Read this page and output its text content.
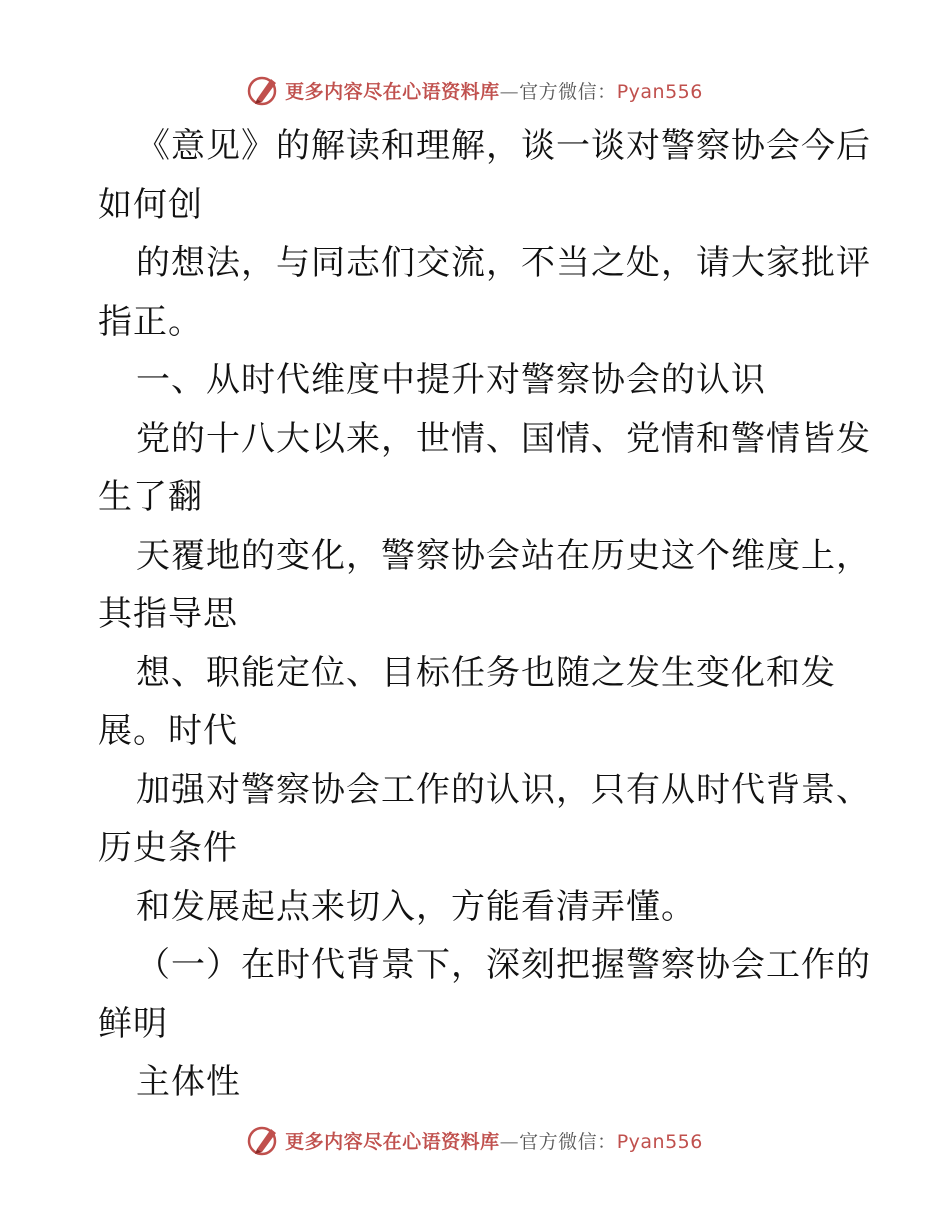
更多内容尽在心语资料库—官方微信：Pyan556
《意见》的解读和理解，谈一谈对警察协会今后
如何创
的想法，与同志们交流，不当之处，请大家批评
指正。
一、从时代维度中提升对警察协会的认识
党的十八大以来，世情、国情、党情和警情皆发
生了翻
天覆地的变化，警察协会站在历史这个维度上，
其指导思
想、职能定位、目标任务也随之发生变化和发
展。时代
加强对警察协会工作的认识，只有从时代背景、
历史条件
和发展起点来切入，方能看清弄懂。
（一）在时代背景下，深刻把握警察协会工作的
鲜明
主体性
更多内容尽在心语资料库—官方微信：Pyan556
